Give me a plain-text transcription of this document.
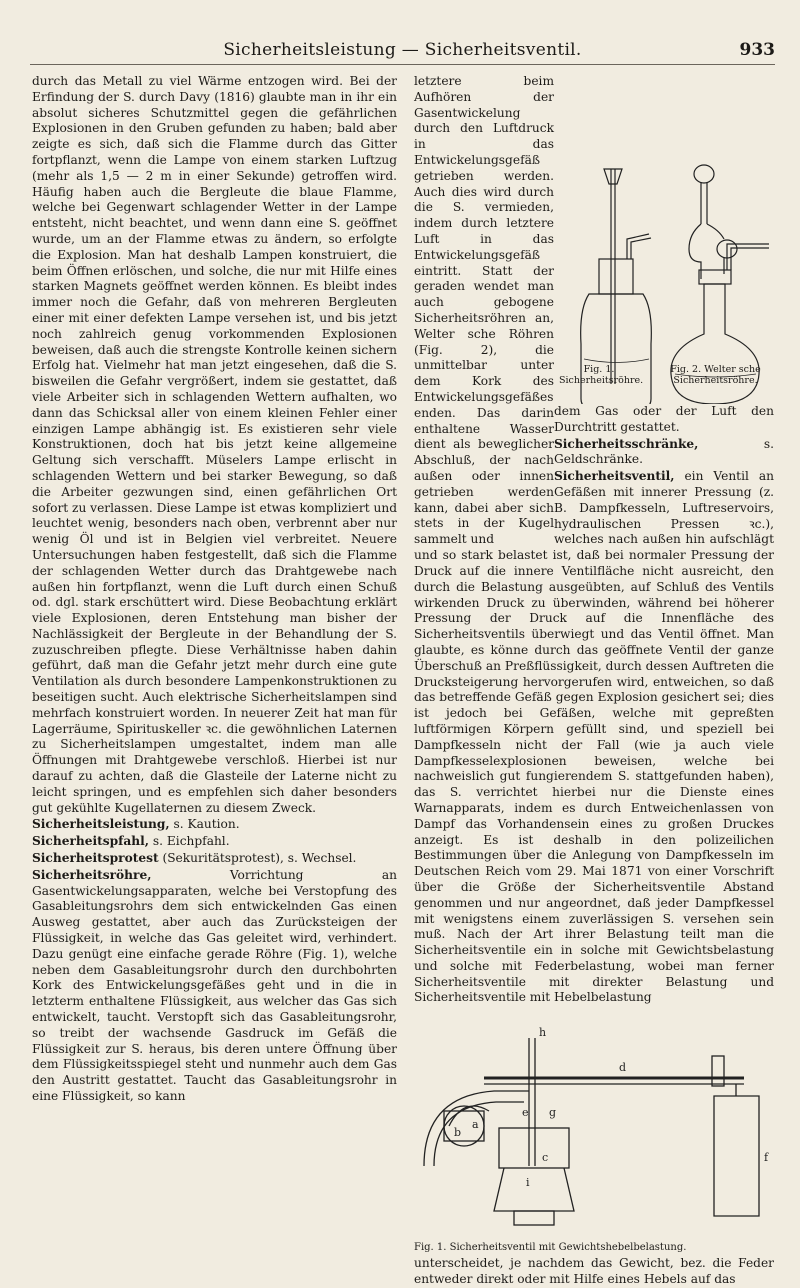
Sicherheitsleistung — Sicherheitsventil.	933

durch das Metall zu viel Wärme entzogen wird. Bei der Erfindung der S. durch Davy (1816) glaubte man in ihr ein absolut sicheres Schutzmittel gegen die gefährlichen Explosionen in den Gruben gefunden zu haben; bald aber zeigte es sich, daß sich die Flamme durch das Gitter fortpflanzt, wenn die Lampe von einem starken Luftzug (mehr als 1,5 — 2 m in einer Sekunde) getroffen wird. Häufig haben auch die Bergleute die blaue Flamme, welche bei Gegenwart schlagender Wetter in der Lampe entsteht, nicht beachtet, und wenn dann eine S. geöffnet wurde, um an der Flamme etwas zu ändern, so erfolgte die Explosion. Man hat deshalb Lampen konstruiert, die beim Öffnen erlöschen, und solche, die nur mit Hilfe eines starken Magnets geöffnet werden können. Es bleibt indes immer noch die Gefahr, daß von mehreren Bergleuten einer mit einer defekten Lampe versehen ist, und bis jetzt noch zahlreich genug vorkommenden Explosionen beweisen, daß auch die strengste Kontrolle keinen sichern Erfolg hat. Vielmehr hat man jetzt eingesehen, daß die S. bisweilen die Gefahr vergrößert, indem sie gestattet, daß viele Arbeiter sich in schlagenden Wettern aufhalten, wo dann das Schicksal aller von einem kleinen Fehler einer einzigen Lampe abhängig ist. Es existieren sehr viele Konstruktionen, doch hat bis jetzt keine allgemeine Geltung sich verschafft. Müselers Lampe erlischt in schlagenden Wettern und bei starker Bewegung, so daß die Arbeiter gezwungen sind, einen gefährlichen Ort sofort zu verlassen. Diese Lampe ist etwas kompliziert und leuchtet wenig, besonders nach oben, verbrennt aber nur wenig Öl und ist in Belgien viel verbreitet. Neuere Untersuchungen haben festgestellt, daß sich die Flamme der schlagenden Wetter durch das Drahtgewebe nach außen hin fortpflanzt, wenn die Luft durch einen Schuß od. dgl. stark erschüttert wird. Diese Beobachtung erklärt viele Explosionen, deren Entstehung man bisher der Nachlässigkeit der Bergleute in der Behandlung der S. zuzuschreiben pflegte. Diese Verhältnisse haben dahin geführt, daß man die Gefahr jetzt mehr durch eine gute Ventilation als durch besondere Lampenkonstruktionen zu beseitigen sucht. Auch elektrische Sicherheitslampen sind mehrfach konstruiert worden. In neuerer Zeit hat man für Lagerräume, Spirituskeller ꝛc. die gewöhnlichen Laternen zu Sicherheitslampen umgestaltet, indem man alle Öffnungen mit Drahtgewebe verschloß. Hierbei ist nur darauf zu achten, daß die Glasteile der Laterne nicht zu leicht springen, und es empfehlen sich daher besonders gut gekühlte Kugellaternen zu diesem Zweck.

Sicherheitsleistung, s. Kaution.

Sicherheitspfahl, s. Eichpfahl.

Sicherheitsprotest (Sekuritätsprotest), s. Wechsel.

Sicherheitsröhre, Vorrichtung an Gasentwickelungsapparaten, welche bei Verstopfung des Gasableitungsrohrs dem sich entwickelnden Gas einen Ausweg gestattet, aber auch das Zurücksteigen der Flüssigkeit, in welche das Gas geleitet wird, verhindert. Dazu genügt eine einfache gerade Röhre (Fig. 1), welche neben dem Gasableitungsrohr durch den durchbohrten Kork des Entwickelungsgefäßes geht und in die in letzterm enthaltene Flüssigkeit, aus welcher das Gas sich entwickelt, taucht. Verstopft sich das Gasableitungsrohr, so treibt der wachsende Gasdruck im Gefäß die Flüssigkeit zur S. heraus, bis deren untere Öffnung über dem Flüssigkeitsspiegel steht und nunmehr auch dem Gas den Austritt gestattet. Taucht das Gasableitungsrohr in eine Flüssigkeit, so kann

letztere beim Aufhören der Gasentwickelung durch den Luftdruck in das Entwickelungsgefäß getrieben werden. Auch dies wird durch die S. vermieden, indem durch letztere Luft in das Entwickelungsgefäß eintritt. Statt der geraden wendet man auch gebogene Sicherheitsröhren an, Welter sche Röhren (Fig. 2), die unmittelbar unter dem Kork des Entwickelungsgefäßes enden. Das darin enthaltene Wasser dient als beweglicher Abschluß, der nach außen oder innen getrieben werden kann, dabei aber sich stets in der Kugel sammelt und
Fig. 1. Sicherheitsröhre.
Fig. 2. Welter sche Sicherheitsröhre.

dem Gas oder der Luft den Durchtritt gestattet.

Sicherheitsschränke, s. Geldschränke.

Sicherheitsventil, ein Ventil an Gefäßen mit innerer Pressung (z. B. Dampfkesseln, Luftreservoirs, hydraulischen Pressen ꝛc.), welches nach außen hin aufschlägt und so stark belastet ist, daß bei normaler Pressung der Druck auf die innere Ventilfläche nicht ausreicht, den durch die Belastung ausgeübten, auf Schluß des Ventils wirkenden Druck zu überwinden, während bei höherer Pressung der Druck auf die Innenfläche des Sicherheitsventils überwiegt und das Ventil öffnet. Man glaubte, es könne durch das geöffnete Ventil der ganze Überschuß an Preßflüssigkeit, durch dessen Auftreten die Drucksteigerung hervorgerufen wird, entweichen, so daß das betreffende Gefäß gegen Explosion gesichert sei; dies ist jedoch bei Gefäßen, welche mit gepreßten luftförmigen Körpern gefüllt sind, und speziell bei Dampfkesseln nicht der Fall (wie ja auch viele Dampfkesselexplosionen beweisen, welche bei nachweislich gut fungierendem S. stattgefunden haben), das S. verrichtet hierbei nur die Dienste eines Warnapparats, indem es durch Entweichenlassen von Dampf das Vorhandensein eines zu großen Druckes anzeigt. Es ist deshalb in den polizeilichen Bestimmungen über die Anlegung von Dampfkesseln im Deutschen Reich vom 29. Mai 1871 von einer Vorschrift über die Größe der Sicherheitsventile Abstand genommen und nur angeordnet, daß jeder Dampfkessel mit wenigstens einem zuverlässigen S. versehen sein muß. Nach der Art ihrer Belastung teilt man die Sicherheitsventile ein in solche mit Gewichtsbelastung und solche mit Federbelastung, wobei man ferner Sicherheitsventile mit direkter Belastung und Sicherheitsventile mit Hebelbelastung

h
d
e g
a
b
c
i
f
Fig. 1. Sicherheitsventil mit Gewichtshebelbelastung.

unterscheidet, je nachdem das Gewicht, bez. die Feder entweder direkt oder mit Hilfe eines Hebels auf das
